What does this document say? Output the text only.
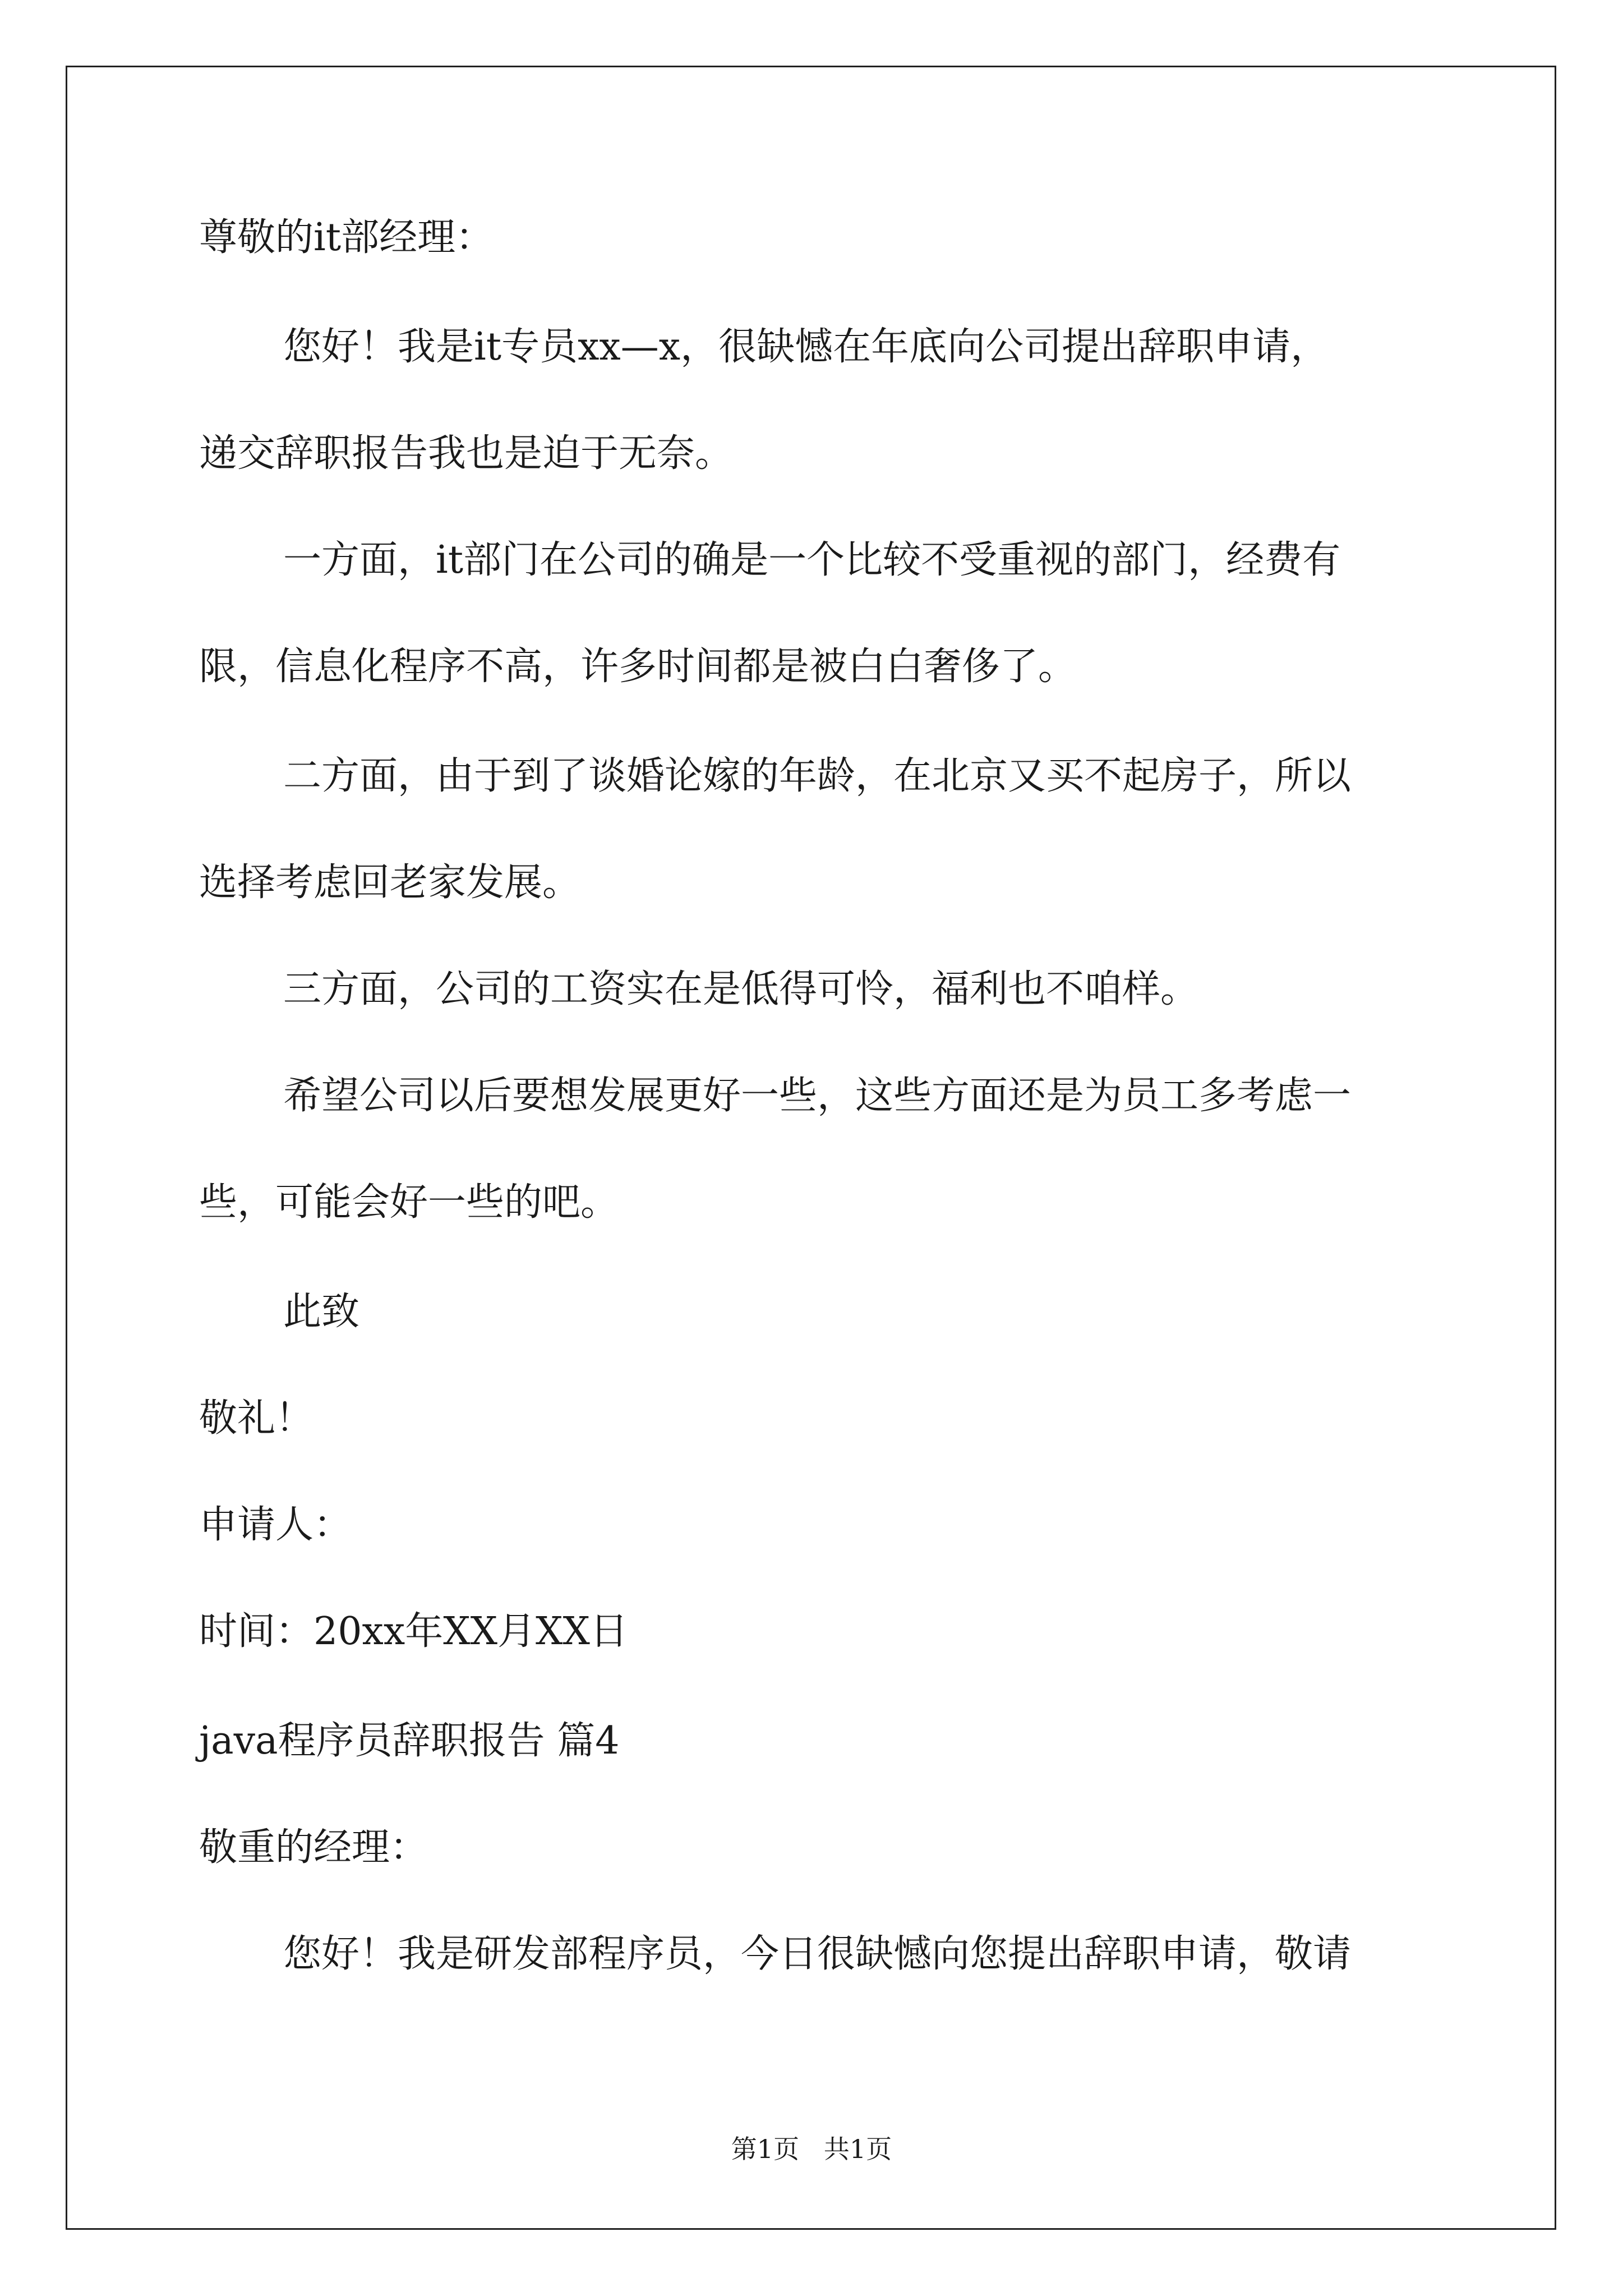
尊敬的it部经理：

您好！我是it专员xx—x，很缺憾在年底向公司提出辞职申请，

递交辞职报告我也是迫于无奈。

一方面，it部门在公司的确是一个比较不受重视的部门，经费有

限，信息化程序不高，许多时间都是被白白奢侈了。

二方面，由于到了谈婚论嫁的年龄，在北京又买不起房子，所以

选择考虑回老家发展。

三方面，公司的工资实在是低得可怜，福利也不咱样。

希望公司以后要想发展更好一些，这些方面还是为员工多考虑一

些，可能会好一些的吧。

此致

敬礼！

申请人：

时间：20xx年XX月XX日

java程序员辞职报告 篇4

敬重的经理：

您好！我是研发部程序员，今日很缺憾向您提出辞职申请，敬请

第1页   共1页
